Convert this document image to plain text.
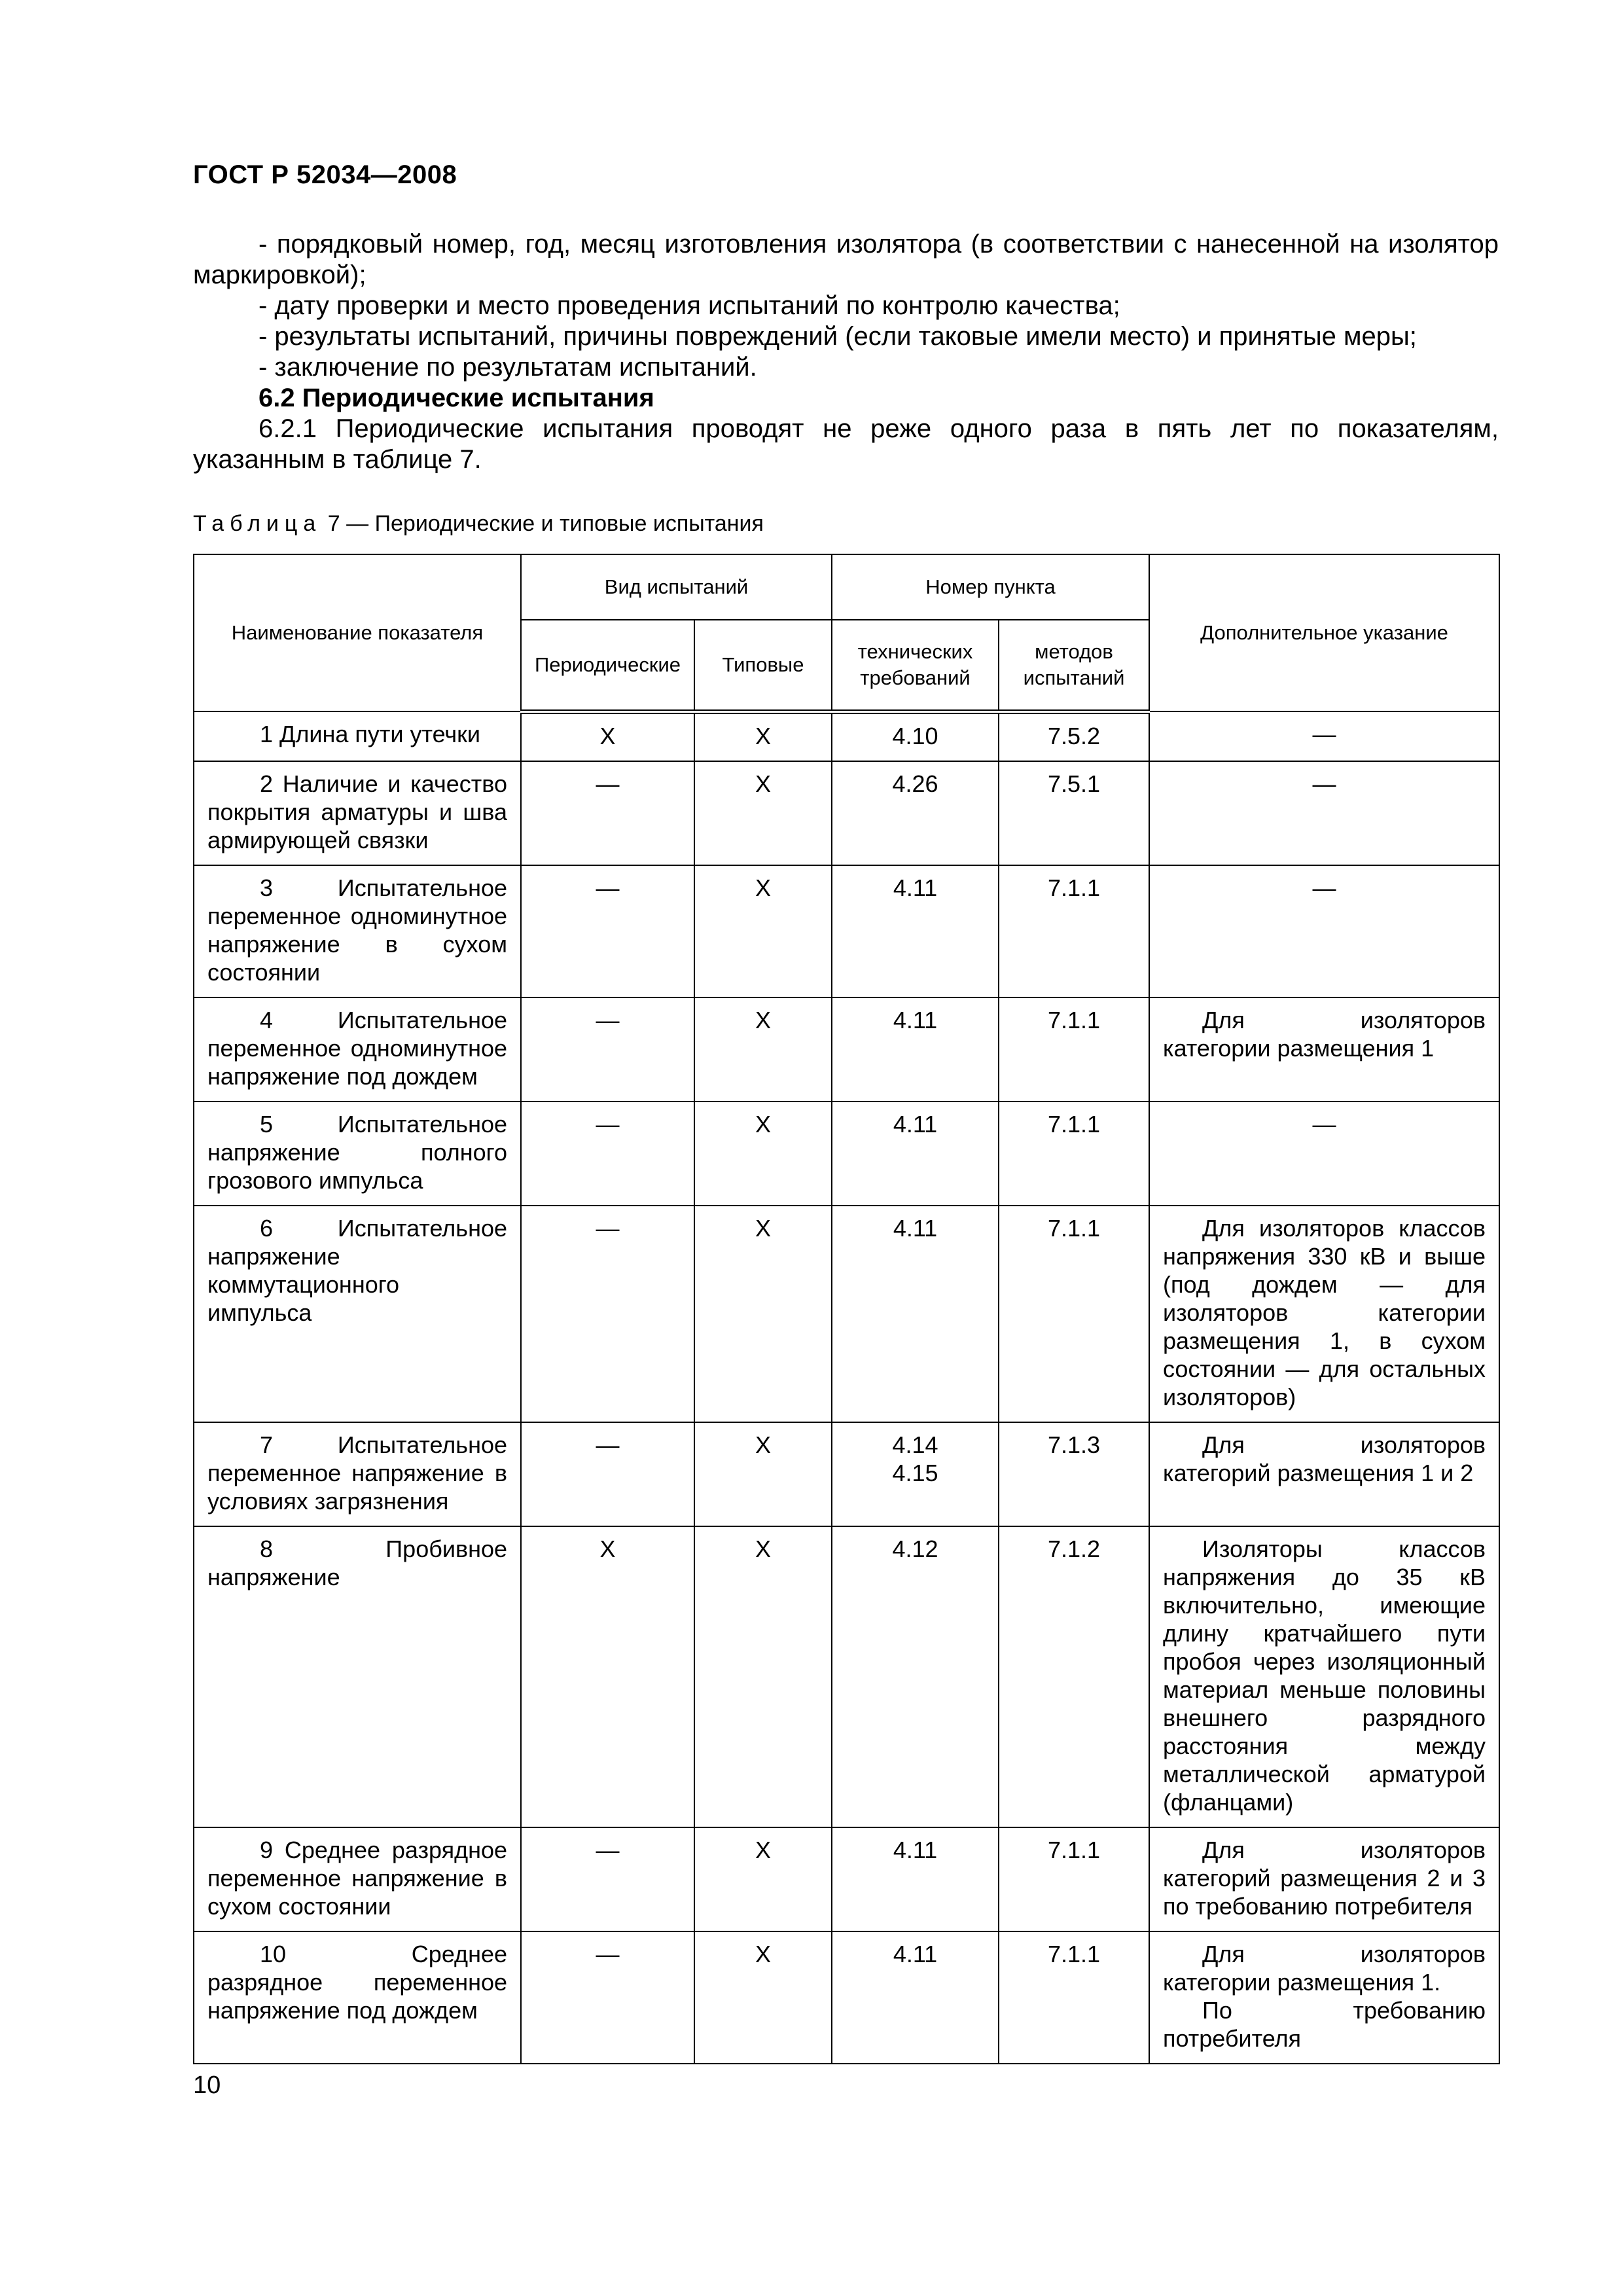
ГОСТ Р 52034—2008

- порядковый номер, год, месяц изготовления изолятора (в соответствии с нанесенной на изолятор маркировкой);

- дату проверки и место проведения испытаний по контролю качества;

- результаты испытаний, причины повреждений (если таковые имели место) и принятые меры;

- заключение по результатам испытаний.

6.2 Периодические испытания

6.2.1 Периодические испытания проводят не реже одного раза в пять лет по показателям, указанным в таблице 7.

Таблица 7 — Периодические и типовые испытания
Наименование показателя	Вид испытаний		Номер пункта		Дополнительное указание
	Периодические	Типовые	технических требований	методов испытаний	

1 Длина пути утечки	X	X	4.10	7.5.2	—

2 Наличие и качество покрытия арматуры и шва армирующей связки	—	X	4.26	7.5.1	—

3 Испытательное переменное одноминутное напряжение в сухом состоянии	—	X	4.11	7.1.1	—

4 Испытательное переменное одноминутное напряжение под дождем	—	X	4.11	7.1.1	Для изоляторов категории размещения 1

5 Испытательное напряжение полного грозового импульса	—	X	4.11	7.1.1	—

6 Испытательное напряжение коммутационного импульса	—	X	4.11	7.1.1	Для изоляторов классов напряжения 330 кВ и выше (под дождем — для изоляторов категории размещения 1, в сухом состоянии — для остальных изоляторов)

7 Испытательное переменное напряжение в условиях загрязнения	—	X	4.14
4.15	7.1.3	Для изоляторов категорий размещения 1 и 2

8 Пробивное напряжение	X	X	4.12	7.1.2	Изоляторы классов напряжения до 35 кВ включительно, имеющие длину кратчайшего пути пробоя через изоляционный материал меньше половины внешнего разрядного расстояния между металлической арматурой (фланцами)

9 Среднее разрядное переменное напряжение в сухом состоянии	—	X	4.11	7.1.1	Для изоляторов категорий размещения 2 и 3 по требованию потребителя

10 Среднее разрядное переменное напряжение под дождем	—	X	4.11	7.1.1	Для изоляторов категории размещения 1.
По требованию потребителя
10
